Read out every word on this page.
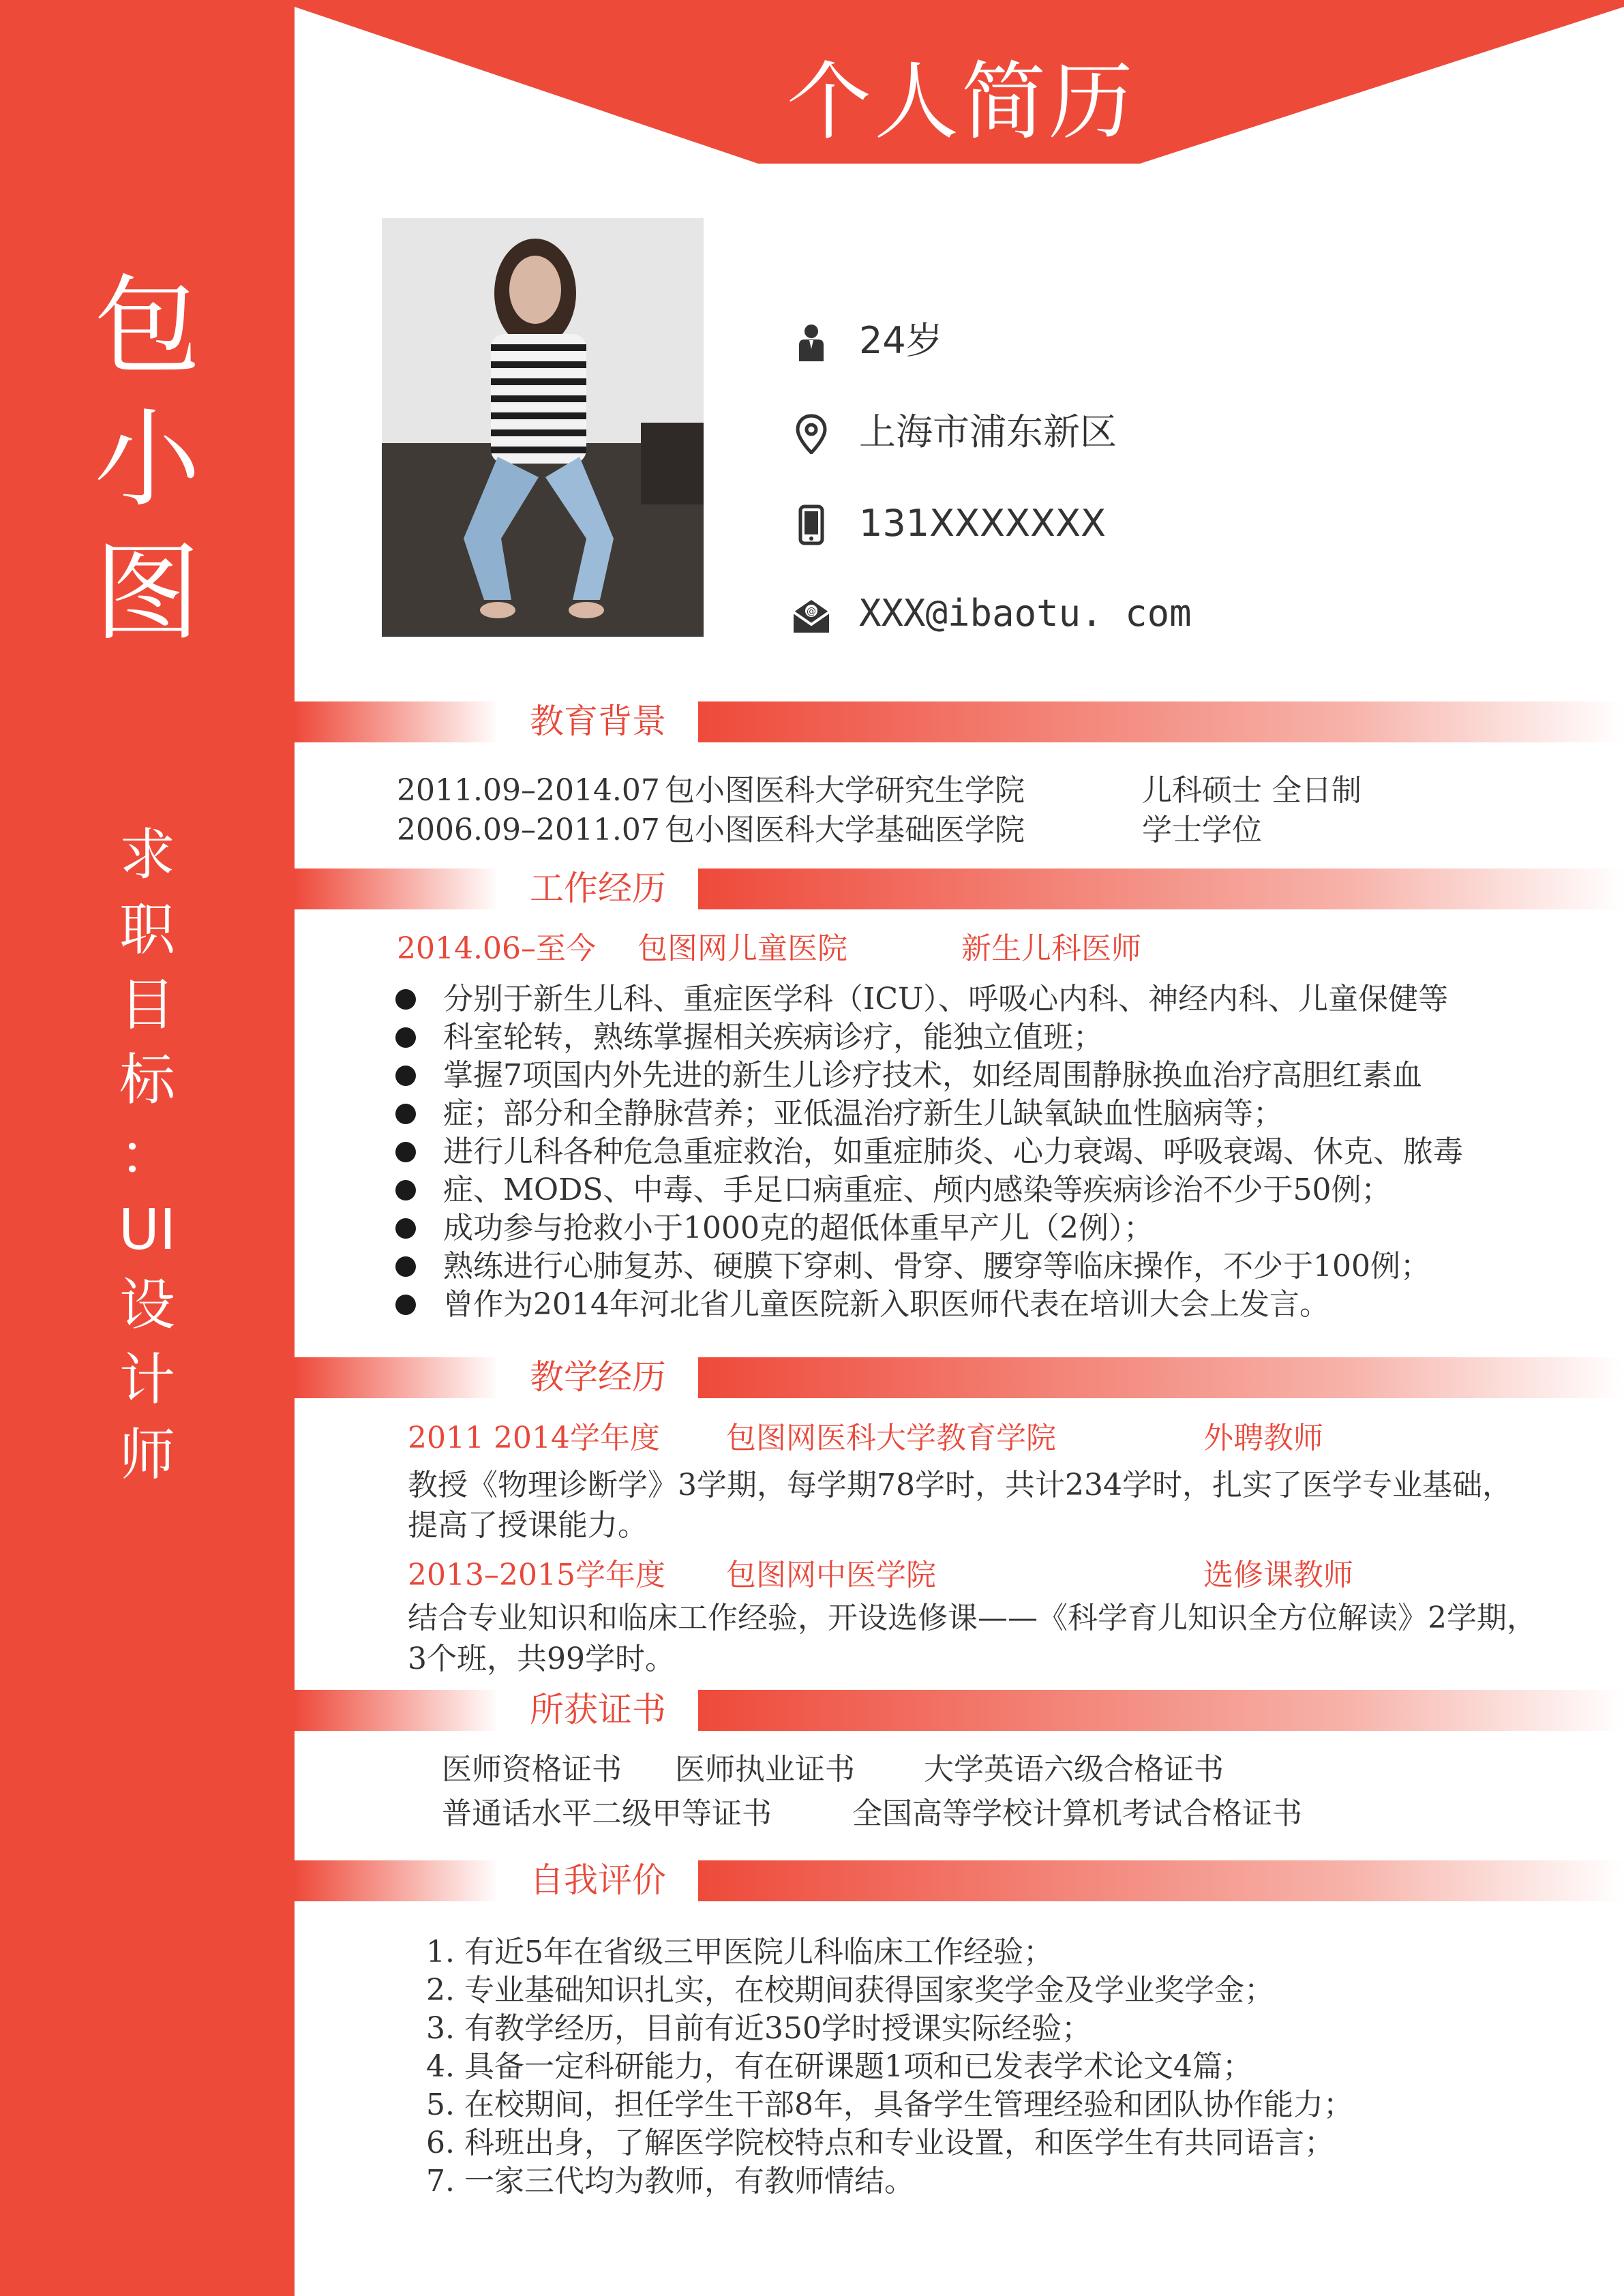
包
小
图
求
职
目
标
：
UI
设
计
师
个人简历
24岁
上海市浦东新区
131XXXXXXX
@ XXX@ibaotu. com
教育背景
2011.09–2014.07 包小图医科大学研究生学院	儿科硕士 全日制
2006.09–2011.07 包小图医科大学基础医学院	学士学位
工作经历
2014.06–至今 包图网儿童医院	新生儿科医师
分别于新生儿科、重症医学科（ICU）、呼吸心内科、神经内科、儿童保健等
科室轮转，熟练掌握相关疾病诊疗，能独立值班；
掌握7项国内外先进的新生儿诊疗技术，如经周围静脉换血治疗高胆红素血
症；部分和全静脉营养；亚低温治疗新生儿缺氧缺血性脑病等；
进行儿科各种危急重症救治，如重症肺炎、心力衰竭、呼吸衰竭、休克、脓毒
症、MODS、中毒、手足口病重症、颅内感染等疾病诊治不少于50例；
成功参与抢救小于1000克的超低体重早产儿（2例）；
熟练进行心肺复苏、硬膜下穿刺、骨穿、腰穿等临床操作，不少于100例；
曾作为2014年河北省儿童医院新入职医师代表在培训大会上发言。
教学经历
2011 2014学年度 包图网医科大学教育学院	外聘教师
教授《物理诊断学》3学期，每学期78学时，共计234学时，扎实了医学专业基础，
提高了授课能力。
2013–2015学年度 包图网中医学院	选修课教师
结合专业知识和临床工作经验，开设选修课——《科学育儿知识全方位解读》2学期，
3个班，共99学时。
所获证书
医师资格证书 医师执业证书 大学英语六级合格证书
普通话水平二级甲等证书	全国高等学校计算机考试合格证书
自我评价
1. 有近5年在省级三甲医院儿科临床工作经验；
2. 专业基础知识扎实，在校期间获得国家奖学金及学业奖学金；
3. 有教学经历，目前有近350学时授课实际经验；
4. 具备一定科研能力，有在研课题1项和已发表学术论文4篇；
5. 在校期间，担任学生干部8年，具备学生管理经验和团队协作能力；
6. 科班出身，了解医学院校特点和专业设置，和医学生有共同语言；
7. 一家三代均为教师，有教师情结。
